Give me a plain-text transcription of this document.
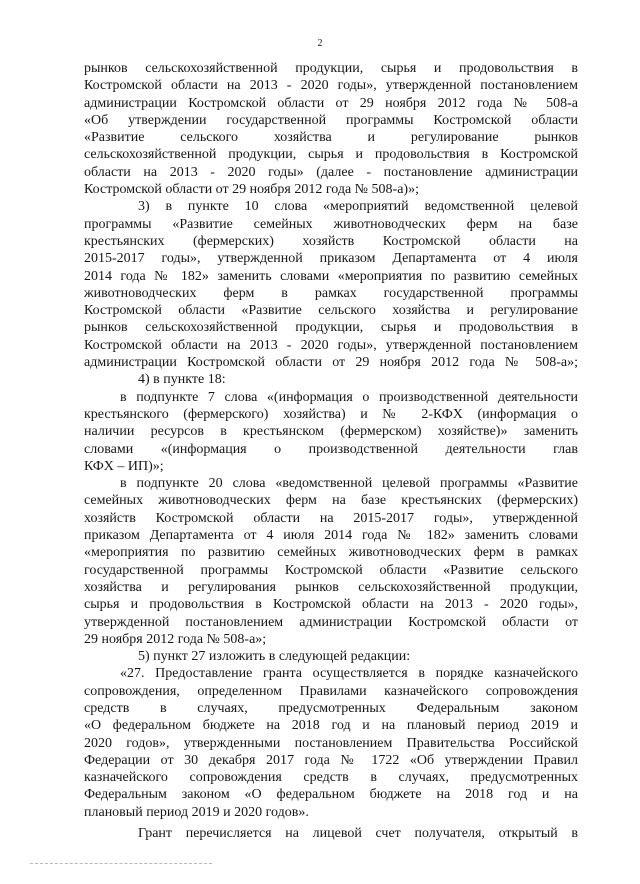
2
рынков сельскохозяйственной продукции, сырья и продовольствия в
Костромской области на 2013 - 2020 годы», утвержденной постановлением
администрации Костромской области от 29 ноября 2012 года № 508-а
«Об утверждении государственной программы Костромской области
«Развитие сельского хозяйства и регулирование рынков
сельскохозяйственной продукции, сырья и продовольствия в Костромской
области на 2013 - 2020 годы» (далее - постановление администрации
Костромской области от 29 ноября 2012 года № 508-а)»;
3) в пункте 10 слова «мероприятий ведомственной целевой
программы «Развитие семейных животноводческих ферм на базе
крестьянских (фермерских) хозяйств Костромской области на
2015-2017 годы», утвержденной приказом Департамента от 4 июля
2014 года № 182» заменить словами «мероприятия по развитию семейных
животноводческих ферм в рамках государственной программы
Костромской области «Развитие сельского хозяйства и регулирование
рынков сельскохозяйственной продукции, сырья и продовольствия в
Костромской области на 2013 - 2020 годы», утвержденной постановлением
администрации Костромской области от 29 ноября 2012 года № 508-а»;
4) в пункте 18:
в подпункте 7 слова «(информация о производственной деятельности
крестьянского (фермерского) хозяйства) и № 2-КФХ (информация о
наличии ресурсов в крестьянском (фермерском) хозяйстве)» заменить
словами «(информация о производственной деятельности глав
КФХ – ИП)»;
в подпункте 20 слова «ведомственной целевой программы «Развитие
семейных животноводческих ферм на базе крестьянских (фермерских)
хозяйств Костромской области на 2015-2017 годы», утвержденной
приказом Департамента от 4 июля 2014 года № 182» заменить словами
«мероприятия по развитию семейных животноводческих ферм в рамках
государственной программы Костромской области «Развитие сельского
хозяйства и регулирования рынков сельскохозяйственной продукции,
сырья и продовольствия в Костромской области на 2013 - 2020 годы»,
утвержденной постановлением администрации Костромской области от
29 ноября 2012 года № 508-а»;
5) пункт 27 изложить в следующей редакции:
«27. Предоставление гранта осуществляется в порядке казначейского
сопровождения, определенном Правилами казначейского сопровождения
средств в случаях, предусмотренных Федеральным законом
«О федеральном бюджете на 2018 год и на плановый период 2019 и
2020 годов», утвержденными постановлением Правительства Российской
Федерации от 30 декабря 2017 года № 1722 «Об утверждении Правил
казначейского сопровождения средств в случаях, предусмотренных
Федеральным законом «О федеральном бюджете на 2018 год и на
плановый период 2019 и 2020 годов».
Грант перечисляется на лицевой счет получателя, открытый в
